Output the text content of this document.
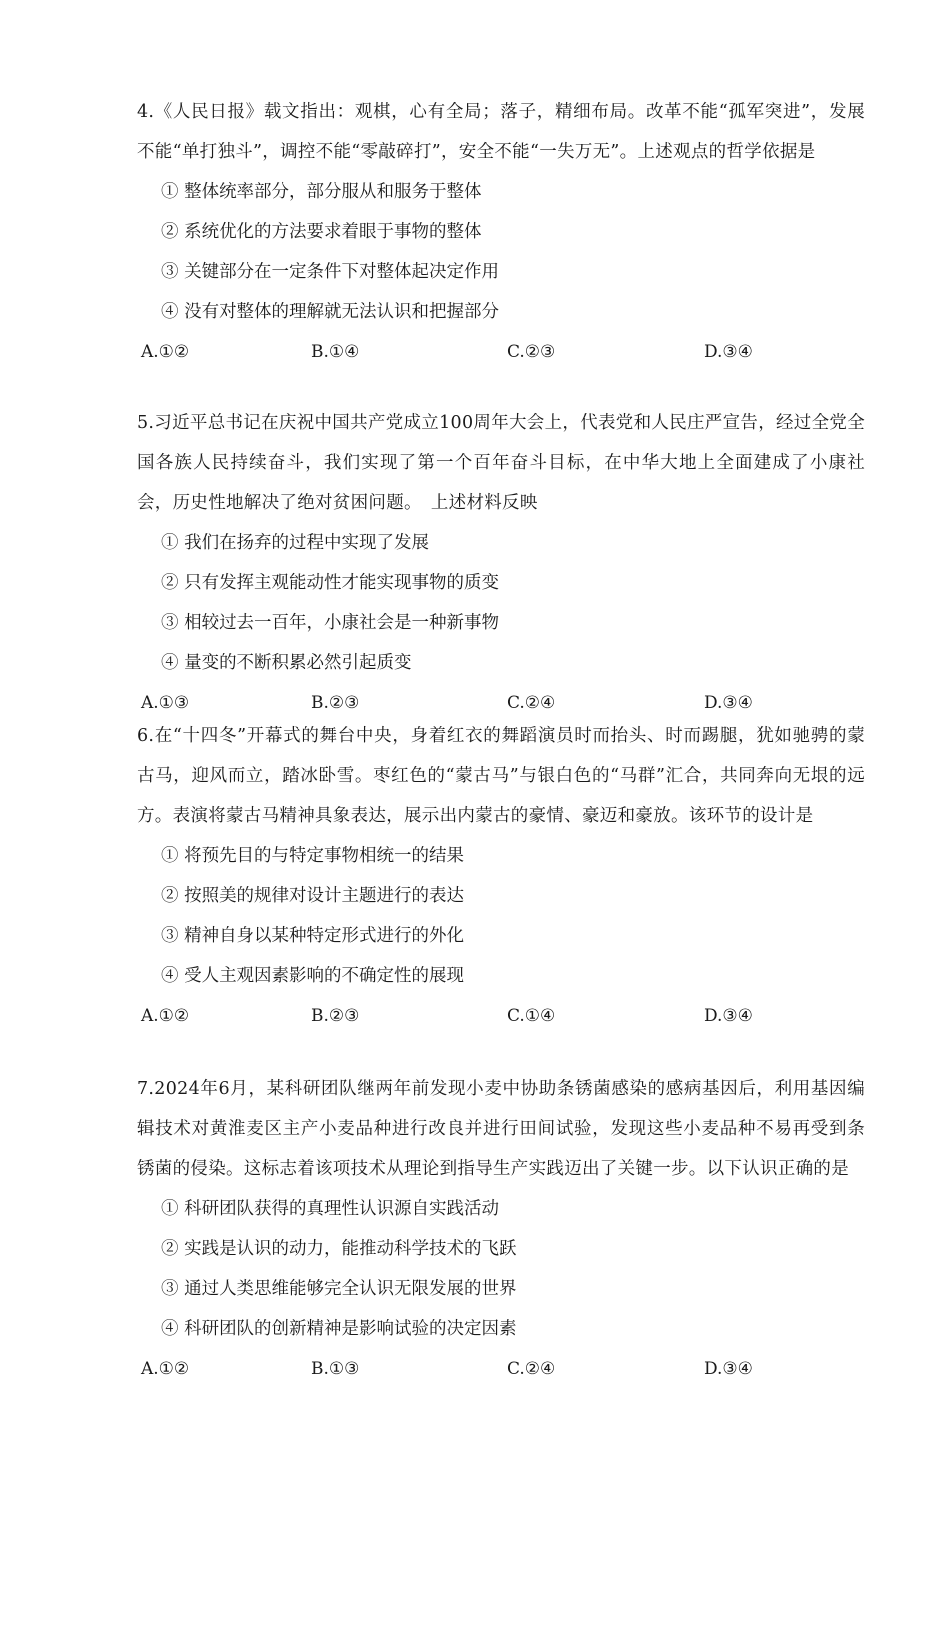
4.《人民日报》载文指出：观棋，心有全局；落子，精细布局。改革不能“孤军突进”，发展不能“单打独斗”，调控不能“零敲碎打”，安全不能“一失万无”。上述观点的哲学依据是

① 整体统率部分，部分服从和服务于整体

② 系统优化的方法要求着眼于事物的整体

③ 关键部分在一定条件下对整体起决定作用

④ 没有对整体的理解就无法认识和把握部分

A.①②	B.①④	C.②③	D.③④

5.习近平总书记在庆祝中国共产党成立100周年大会上，代表党和人民庄严宣告，经过全党全国各族人民持续奋斗，我们实现了第一个百年奋斗目标，在中华大地上全面建成了小康社会，历史性地解决了绝对贫困问题。　上述材料反映

① 我们在扬弃的过程中实现了发展

② 只有发挥主观能动性才能实现事物的质变

③ 相较过去一百年，小康社会是一种新事物

④ 量变的不断积累必然引起质变

A.①③	B.②③	C.②④	D.③④

6.在“十四冬”开幕式的舞台中央，身着红衣的舞蹈演员时而抬头、时而踢腿，犹如驰骋的蒙古马，迎风而立，踏冰卧雪。枣红色的“蒙古马”与银白色的“马群”汇合，共同奔向无垠的远方。表演将蒙古马精神具象表达，展示出内蒙古的豪情、豪迈和豪放。该环节的设计是

① 将预先目的与特定事物相统一的结果

② 按照美的规律对设计主题进行的表达

③ 精神自身以某种特定形式进行的外化

④ 受人主观因素影响的不确定性的展现

A.①②	B.②③	C.①④	D.③④

7.2024年6月，某科研团队继两年前发现小麦中协助条锈菌感染的感病基因后，利用基因编辑技术对黄淮麦区主产小麦品种进行改良并进行田间试验，发现这些小麦品种不易再受到条锈菌的侵染。这标志着该项技术从理论到指导生产实践迈出了关键一步。以下认识正确的是

① 科研团队获得的真理性认识源自实践活动

② 实践是认识的动力，能推动科学技术的飞跃

③ 通过人类思维能够完全认识无限发展的世界

④ 科研团队的创新精神是影响试验的决定因素

A.①②	B.①③	C.②④	D.③④
